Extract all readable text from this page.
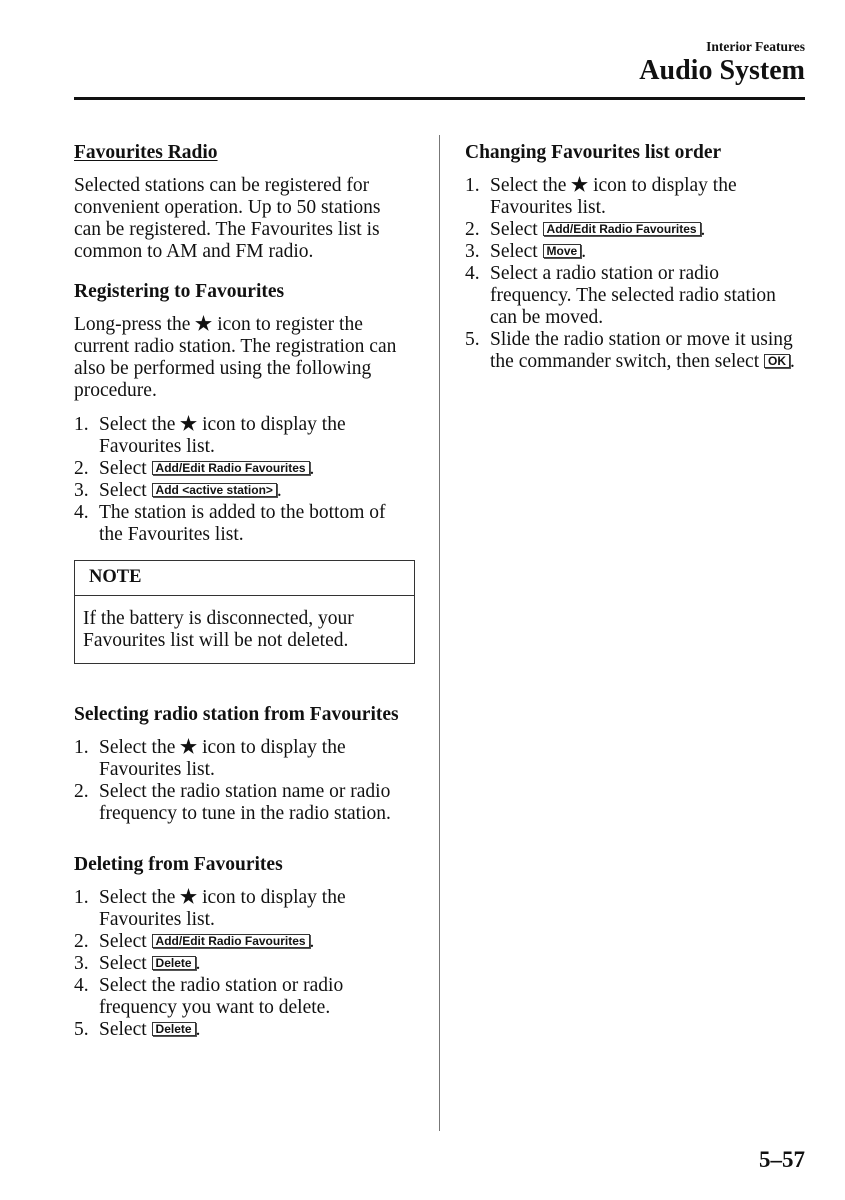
Interior Features
Audio System
Favourites Radio
Selected stations can be registered for
convenient operation. Up to 50 stations
can be registered. The Favourites list is
common to AM and FM radio.
Registering to Favourites
Long-press the  icon to register the
current radio station. The registration can
also be performed using the following
procedure.
1. Select the  icon to display the
Favourites list.
2. Select Add/Edit Radio Favourites .
3. Select Add <active station> .
4. The station is added to the bottom of
the Favourites list.
NOTE
If the battery is disconnected, your
Favourites list will be not deleted.
Selecting radio station from Favourites
1. Select the  icon to display the
Favourites list.
2. Select the radio station name or radio
frequency to tune in the radio station.
Deleting from Favourites
1. Select the  icon to display the
Favourites list.
2. Select Add/Edit Radio Favourites .
3. Select Delete .
4. Select the radio station or radio
frequency you want to delete.
5. Select Delete .
Changing Favourites list order
1. Select the  icon to display the
Favourites list.
2. Select Add/Edit Radio Favourites .
3. Select Move .
4. Select a radio station or radio
frequency. The selected radio station
can be moved.
5. Slide the radio station or move it using
the commander switch, then select OK .
5–57
